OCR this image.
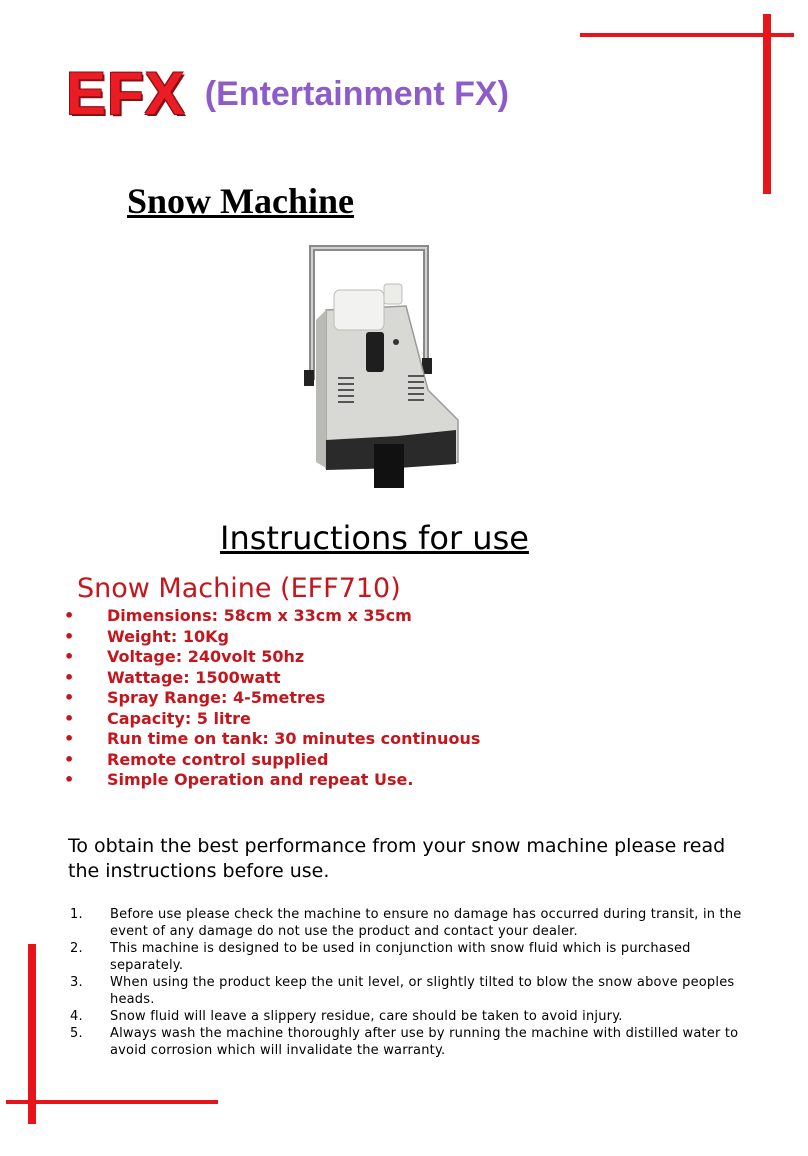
EFX (Entertainment FX)
Snow Machine
Instructions for use
Snow Machine (EFF710)
• Dimensions: 58cm x 33cm x 35cm
• Weight: 10Kg
• Voltage: 240volt 50hz
• Wattage: 1500watt
• Spray Range: 4-5metres
• Capacity: 5 litre
• Run time on tank: 30 minutes continuous
• Remote control supplied
• Simple Operation and repeat Use.
To obtain the best performance from your snow machine please read the instructions before use.
1. Before use please check the machine to ensure no damage has occurred during transit, in the event of any damage do not use the product and contact your dealer.
2. This machine is designed to be used in conjunction with snow fluid which is purchased separately.
3. When using the product keep the unit level, or slightly tilted to blow the snow above peoples heads.
4. Snow fluid will leave a slippery residue, care should be taken to avoid injury.
5. Always wash the machine thoroughly after use by running the machine with distilled water to avoid corrosion which will invalidate the warranty.
